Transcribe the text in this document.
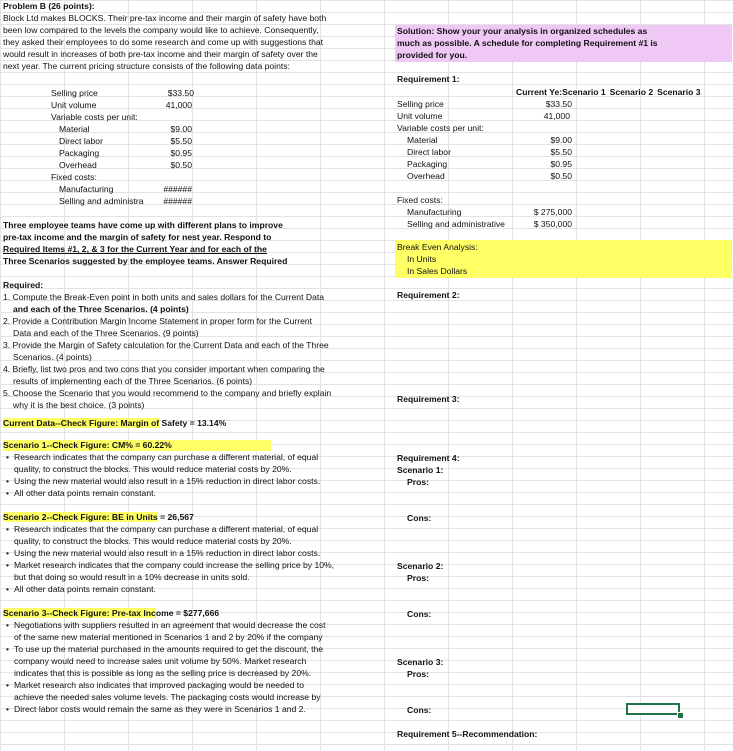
Problem B (26 points):
Block Ltd makes BLOCKS. Their pre-tax income and their margin of safety have both
been low compared to the levels the company would like to achieve. Consequently,
they asked their employees to do some research and come up with suggestions that
would result in increases of both pre-tax income and their margin of safety over the
next year. The current pricing structure consists of the following data points:
Selling price	$33.50
Unit volume	41,000
Variable costs per unit:
Material	$9.00
Direct labor	$5.50
Packaging	$0.95
Overhead	$0.50
Fixed costs:
Manufacturing	######
Selling and administra	######
Three employee teams have come up with different plans to improve
pre-tax income and the margin of safety for nest year. Respond to
Required Items #1, 2, & 3 for the Current Year and for each of the
Three Scenarios suggested by the employee teams. Answer Required
Required:
1. Compute the Break-Even point in both units and sales dollars for the Current Data
and each of the Three Scenarios. (4 points)
2. Provide a Contribution Margin Income Statement in proper form for the Current
Data and each of the Three Scenarios. (9 points)
3. Provide the Margin of Safety calculation for the Current Data and each of the Three
Scenarios. (4 points)
4. Briefly, list two pros and two cons that you consider important when comparing the
results of implementing each of the Three Scenarios. (6 points)
5. Choose the Scenario that you would recommend to the company and briefly explain
why it is the best choice. (3 points)
Current Data--Check Figure: Margin of Safety = 13.14%
Scenario 1--Check Figure: CM% = 60.22%
• Research indicates that the company can purchase a different material, of equal
quality, to construct the blocks. This would reduce material costs by 20%.
• Using the new material would also result in a 15% reduction in direct labor costs.
• All other data points remain constant.
Scenario 2--Check Figure: BE in Units = 26,567
• Research indicates that the company can purchase a different material, of equal
quality, to construct the blocks. This would reduce material costs by 20%.
• Using the new material would also result in a 15% reduction in direct labor costs.
• Market research indicates that the company could increase the selling price by 10%,
but that doing so would result in a 10% decrease in units sold.
• All other data points remain constant.
Scenario 3--Check Figure: Pre-tax Income = $277,666
• Negotiations with suppliers resulted in an agreement that would decrease the cost
of the same new material mentioned in Scenarios 1 and 2 by 20% if the company
• To use up the material purchased in the amounts required to get the discount, the
company would need to increase sales unit volume by 50%. Market research
indicates that this is possible as long as the selling price is decreased by 20%.
• Market research also indicates that improved packaging would be needed to
achieve the needed sales volume levels. The packaging costs would increase by
• Direct labor costs would remain the same as they were in Scenarios 1 and 2.
Solution: Show your your analysis in organized schedules as
much as possible. A schedule for completing Requirement #1 is
provided for you.
Requirement 1:
Current Ye:Scenario 1 Scenario 2 Scenario 3
Selling price	$33.50
Unit volume	41,000
Variable costs per unit:
Material	$9.00
Direct labor	$5.50
Packaging	$0.95
Overhead	$0.50
Fixed costs:
Manufacturing	$ 275,000
Selling and administrative	$ 350,000
Break Even Analysis:
In Units
In Sales Dollars
Requirement 2:
Requirement 3:
Requirement 4:
Scenario 1:
Pros:
Cons:
Scenario 2:
Pros:
Cons:
Scenario 3:
Pros:
Cons:
Requirement 5--Recommendation:
